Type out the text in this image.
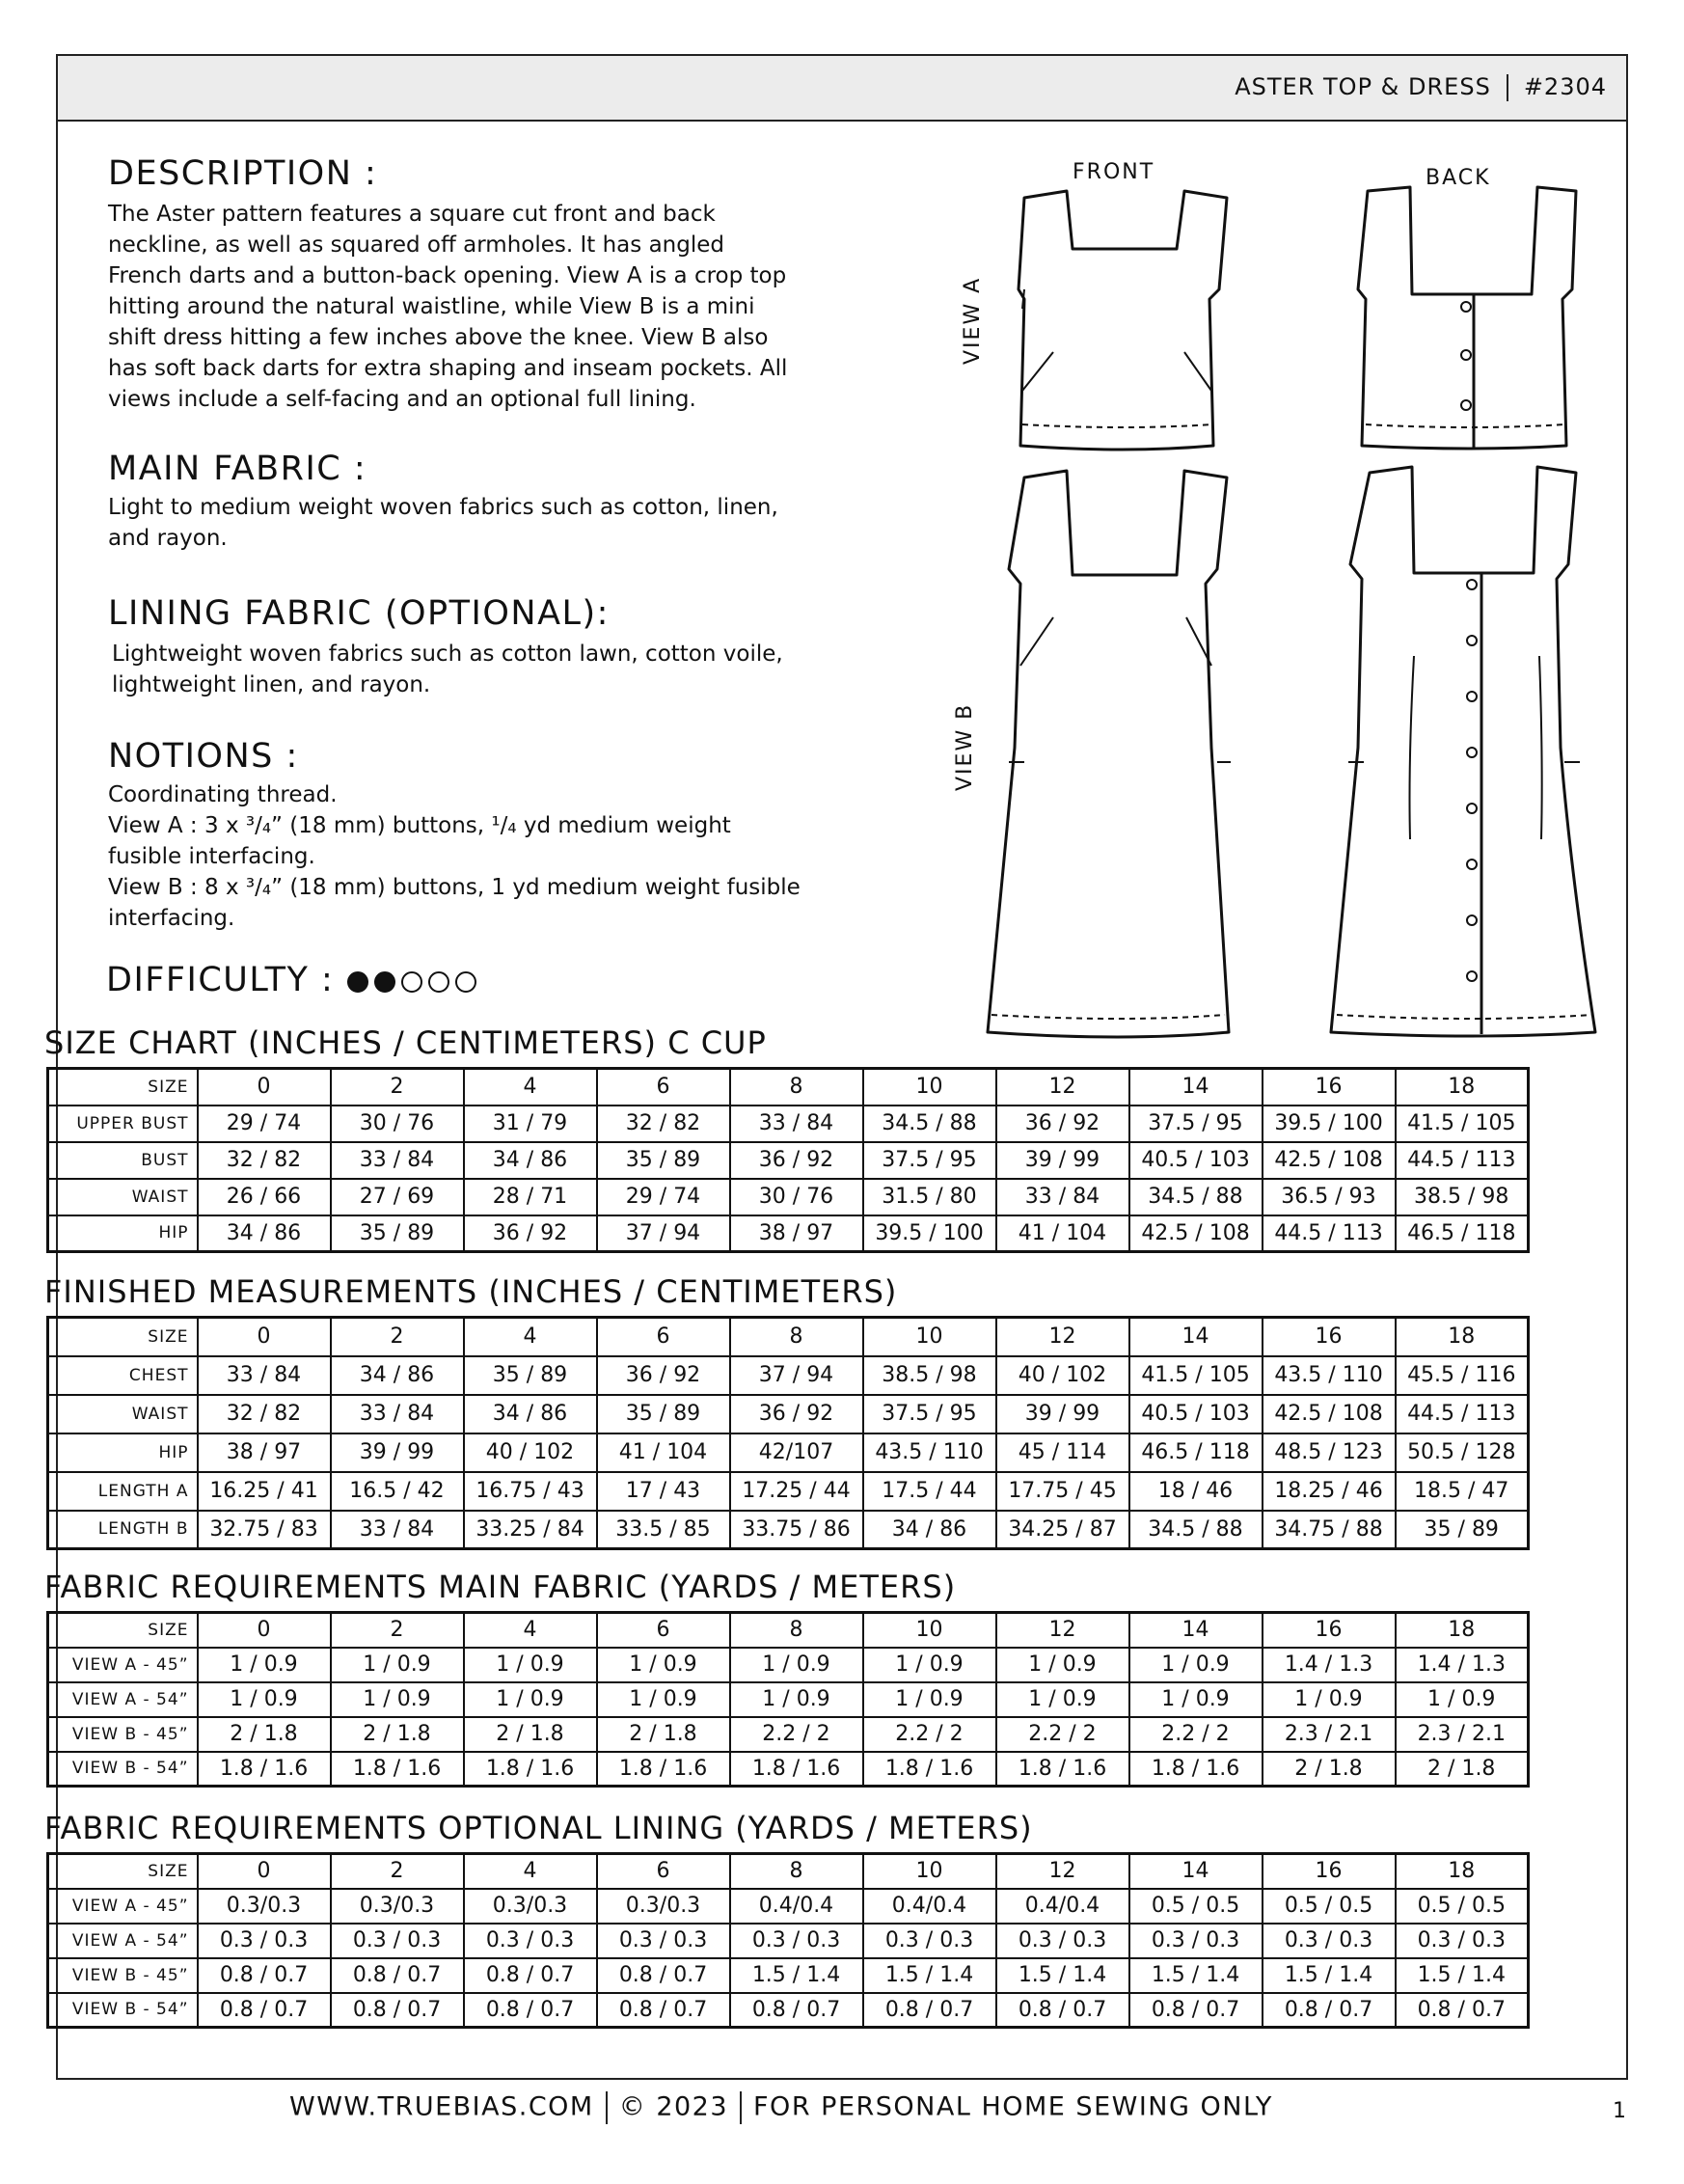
ASTER TOP & DRESS #2304
DESCRIPTION :
The Aster pattern features a square cut front and back
neckline, as well as squared off armholes. It has angled
French darts and a button-back opening. View A is a crop top
hitting around the natural waistline, while View B is a mini
shift dress hitting a few inches above the knee. View B also
has soft back darts for extra shaping and inseam pockets. All
views include a self-facing and an optional full lining.
MAIN FABRIC :
Light to medium weight woven fabrics such as cotton, linen,
and rayon.
LINING FABRIC (OPTIONAL):
Lightweight woven fabrics such as cotton lawn, cotton voile,
lightweight linen, and rayon.
NOTIONS :
Coordinating thread.
View A : 3 x ³/₄” (18 mm) buttons, ¹/₄ yd medium weight
fusible interfacing.
View B : 8 x ³/₄” (18 mm) buttons, 1 yd medium weight fusible
interfacing.
DIFFICULTY :
FRONT	BACK
VIEW A
VIEW B
SIZE CHART (INCHES / CENTIMETERS) C CUP
SIZE	0	2	4	6	8	10	12	14	16	18
UPPER BUST	29 / 74	30 / 76	31 / 79	32 / 82	33 / 84	34.5 / 88	36 / 92	37.5 / 95	39.5 / 100	41.5 / 105
BUST	32 / 82	33 / 84	34 / 86	35 / 89	36 / 92	37.5 / 95	39 / 99	40.5 / 103	42.5 / 108	44.5 / 113
WAIST	26 / 66	27 / 69	28 / 71	29 / 74	30 / 76	31.5 / 80	33 / 84	34.5 / 88	36.5 / 93	38.5 / 98
HIP	34 / 86	35 / 89	36 / 92	37 / 94	38 / 97	39.5 / 100	41 / 104	42.5 / 108	44.5 / 113	46.5 / 118
FINISHED MEASUREMENTS (INCHES / CENTIMETERS)
SIZE	0	2	4	6	8	10	12	14	16	18
CHEST	33 / 84	34 / 86	35 / 89	36 / 92	37 / 94	38.5 / 98	40 / 102	41.5 / 105	43.5 / 110	45.5 / 116
WAIST	32 / 82	33 / 84	34 / 86	35 / 89	36 / 92	37.5 / 95	39 / 99	40.5 / 103	42.5 / 108	44.5 / 113
HIP	38 / 97	39 / 99	40 / 102	41 / 104	42/107	43.5 / 110	45 / 114	46.5 / 118	48.5 / 123	50.5 / 128
LENGTH A	16.25 / 41	16.5 / 42	16.75 / 43	17 / 43	17.25 / 44	17.5 / 44	17.75 / 45	18 / 46	18.25 / 46	18.5 / 47
LENGTH B	32.75 / 83	33 / 84	33.25 / 84	33.5 / 85	33.75 / 86	34 / 86	34.25 / 87	34.5 / 88	34.75 / 88	35 / 89
FABRIC REQUIREMENTS MAIN FABRIC (YARDS / METERS)
SIZE	0	2	4	6	8	10	12	14	16	18
VIEW A - 45”	1 / 0.9	1 / 0.9	1 / 0.9	1 / 0.9	1 / 0.9	1 / 0.9	1 / 0.9	1 / 0.9	1.4 / 1.3	1.4 / 1.3
VIEW A - 54”	1 / 0.9	1 / 0.9	1 / 0.9	1 / 0.9	1 / 0.9	1 / 0.9	1 / 0.9	1 / 0.9	1 / 0.9	1 / 0.9
VIEW B - 45”	2 / 1.8	2 / 1.8	2 / 1.8	2 / 1.8	2.2 / 2	2.2 / 2	2.2 / 2	2.2 / 2	2.3 / 2.1	2.3 / 2.1
VIEW B - 54”	1.8 / 1.6	1.8 / 1.6	1.8 / 1.6	1.8 / 1.6	1.8 / 1.6	1.8 / 1.6	1.8 / 1.6	1.8 / 1.6	2 / 1.8	2 / 1.8
FABRIC REQUIREMENTS OPTIONAL LINING (YARDS / METERS)
SIZE	0	2	4	6	8	10	12	14	16	18
VIEW A - 45”	0.3/0.3	0.3/0.3	0.3/0.3	0.3/0.3	0.4/0.4	0.4/0.4	0.4/0.4	0.5 / 0.5	0.5 / 0.5	0.5 / 0.5
VIEW A - 54”	0.3 / 0.3	0.3 / 0.3	0.3 / 0.3	0.3 / 0.3	0.3 / 0.3	0.3 / 0.3	0.3 / 0.3	0.3 / 0.3	0.3 / 0.3	0.3 / 0.3
VIEW B - 45”	0.8 / 0.7	0.8 / 0.7	0.8 / 0.7	0.8 / 0.7	1.5 / 1.4	1.5 / 1.4	1.5 / 1.4	1.5 / 1.4	1.5 / 1.4	1.5 / 1.4
VIEW B - 54”	0.8 / 0.7	0.8 / 0.7	0.8 / 0.7	0.8 / 0.7	0.8 / 0.7	0.8 / 0.7	0.8 / 0.7	0.8 / 0.7	0.8 / 0.7	0.8 / 0.7
WWW.TRUEBIAS.COM © 2023 FOR PERSONAL HOME SEWING ONLY	1
